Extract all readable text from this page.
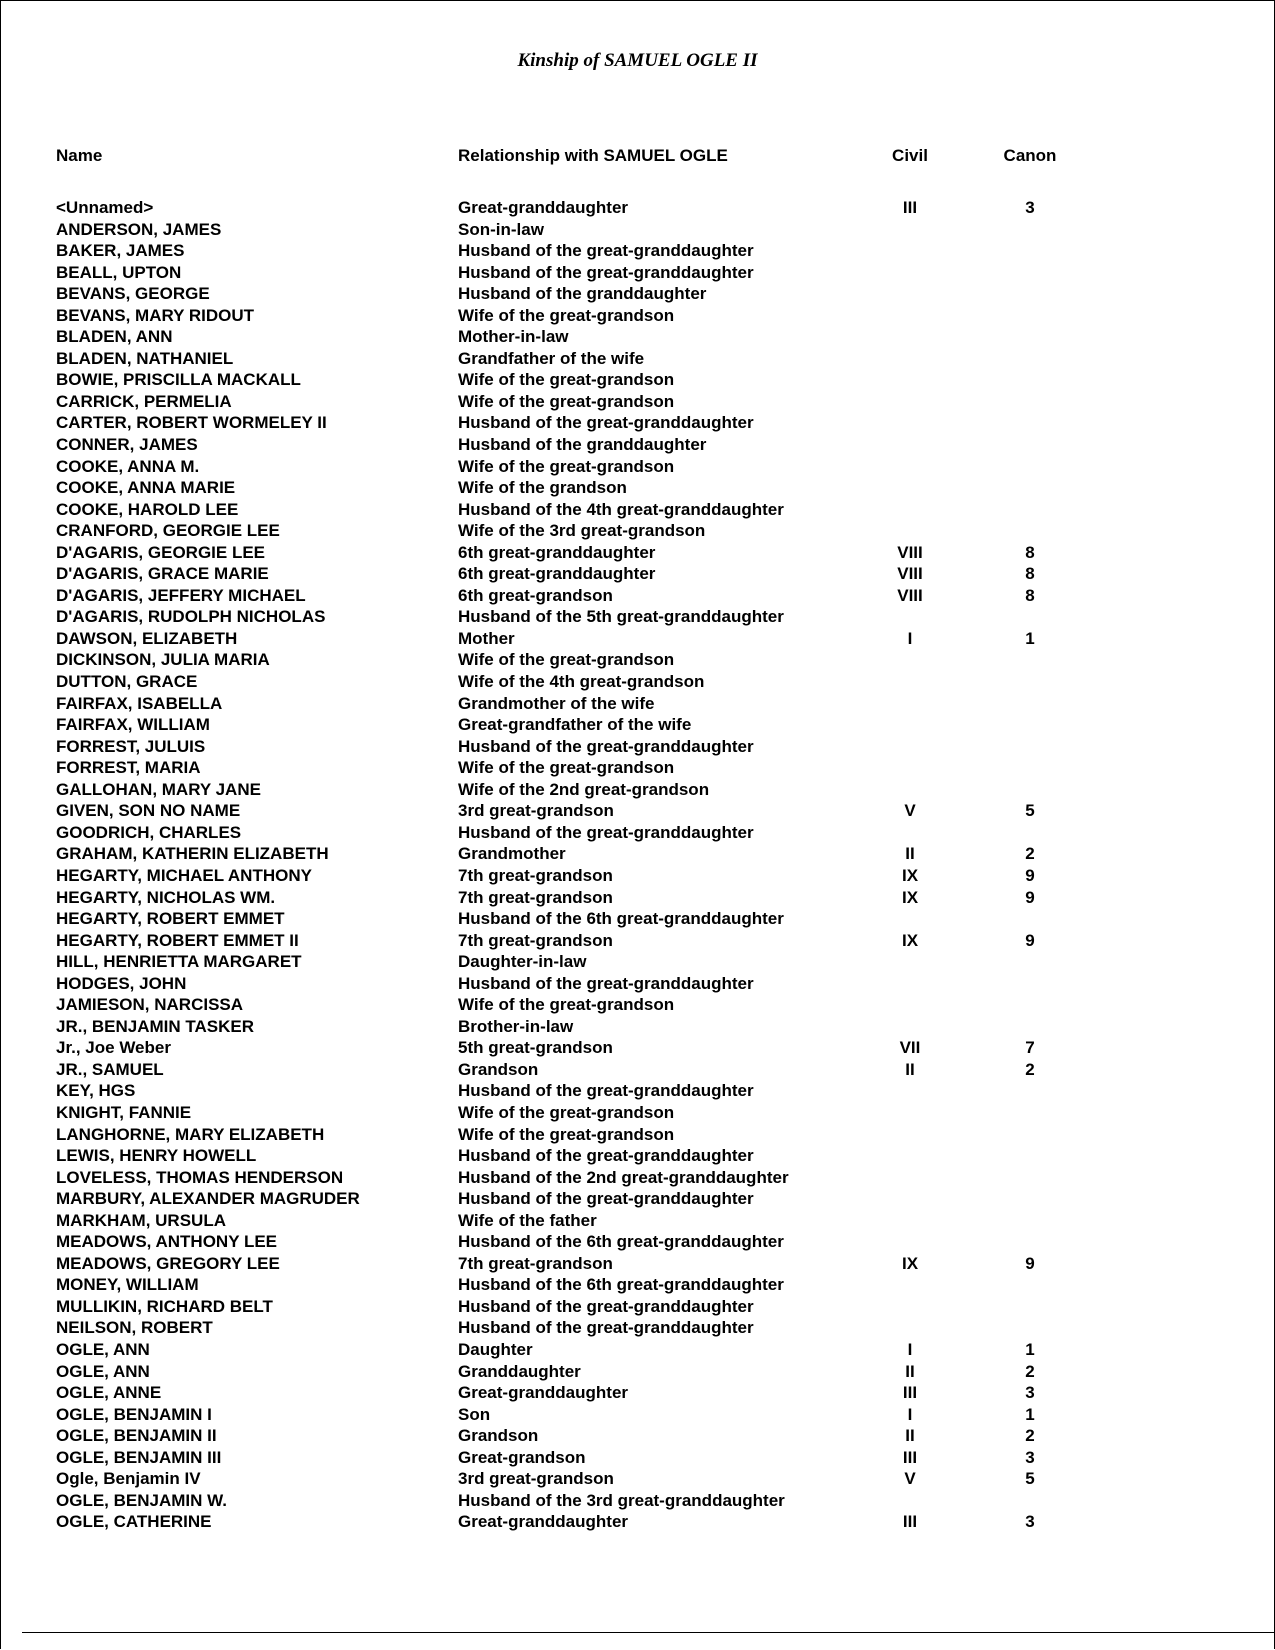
Kinship of SAMUEL OGLE II
Name	Relationship with SAMUEL OGLE	Civil	Canon
<Unnamed>	Great-granddaughter	III	3
ANDERSON, JAMES	Son-in-law
BAKER, JAMES	Husband of the great-granddaughter
BEALL, UPTON	Husband of the great-granddaughter
BEVANS, GEORGE	Husband of the granddaughter
BEVANS, MARY RIDOUT	Wife of the great-grandson
BLADEN, ANN	Mother-in-law
BLADEN, NATHANIEL	Grandfather of the wife
BOWIE, PRISCILLA MACKALL	Wife of the great-grandson
CARRICK, PERMELIA	Wife of the great-grandson
CARTER, ROBERT WORMELEY II	Husband of the great-granddaughter
CONNER, JAMES	Husband of the granddaughter
COOKE, ANNA M.	Wife of the great-grandson
COOKE, ANNA MARIE	Wife of the grandson
COOKE, HAROLD LEE	Husband of the 4th great-granddaughter
CRANFORD, GEORGIE LEE	Wife of the 3rd great-grandson
D'AGARIS, GEORGIE LEE	6th great-granddaughter	VIII	8
D'AGARIS, GRACE MARIE	6th great-granddaughter	VIII	8
D'AGARIS, JEFFERY MICHAEL	6th great-grandson	VIII	8
D'AGARIS, RUDOLPH NICHOLAS	Husband of the 5th great-granddaughter
DAWSON, ELIZABETH	Mother	I	1
DICKINSON, JULIA MARIA	Wife of the great-grandson
DUTTON, GRACE	Wife of the 4th great-grandson
FAIRFAX, ISABELLA	Grandmother of the wife
FAIRFAX, WILLIAM	Great-grandfather of the wife
FORREST, JULUIS	Husband of the great-granddaughter
FORREST, MARIA	Wife of the great-grandson
GALLOHAN, MARY JANE	Wife of the 2nd great-grandson
GIVEN, SON NO NAME	3rd great-grandson	V	5
GOODRICH, CHARLES	Husband of the great-granddaughter
GRAHAM, KATHERIN ELIZABETH	Grandmother	II	2
HEGARTY, MICHAEL ANTHONY	7th great-grandson	IX	9
HEGARTY, NICHOLAS WM.	7th great-grandson	IX	9
HEGARTY, ROBERT EMMET	Husband of the 6th great-granddaughter
HEGARTY, ROBERT EMMET II	7th great-grandson	IX	9
HILL, HENRIETTA MARGARET	Daughter-in-law
HODGES, JOHN	Husband of the great-granddaughter
JAMIESON, NARCISSA	Wife of the great-grandson
JR., BENJAMIN TASKER	Brother-in-law
Jr., Joe Weber	5th great-grandson	VII	7
JR., SAMUEL	Grandson	II	2
KEY, HGS	Husband of the great-granddaughter
KNIGHT, FANNIE	Wife of the great-grandson
LANGHORNE, MARY ELIZABETH	Wife of the great-grandson
LEWIS, HENRY HOWELL	Husband of the great-granddaughter
LOVELESS, THOMAS HENDERSON	Husband of the 2nd great-granddaughter
MARBURY, ALEXANDER MAGRUDER	Husband of the great-granddaughter
MARKHAM, URSULA	Wife of the father
MEADOWS, ANTHONY LEE	Husband of the 6th great-granddaughter
MEADOWS, GREGORY LEE	7th great-grandson	IX	9
MONEY, WILLIAM	Husband of the 6th great-granddaughter
MULLIKIN, RICHARD BELT	Husband of the great-granddaughter
NEILSON, ROBERT	Husband of the great-granddaughter
OGLE, ANN	Daughter	I	1
OGLE, ANN	Granddaughter	II	2
OGLE, ANNE	Great-granddaughter	III	3
OGLE, BENJAMIN I	Son	I	1
OGLE, BENJAMIN II	Grandson	II	2
OGLE, BENJAMIN III	Great-grandson	III	3
Ogle, Benjamin IV	3rd great-grandson	V	5
OGLE, BENJAMIN W.	Husband of the 3rd great-granddaughter
OGLE, CATHERINE	Great-granddaughter	III	3
